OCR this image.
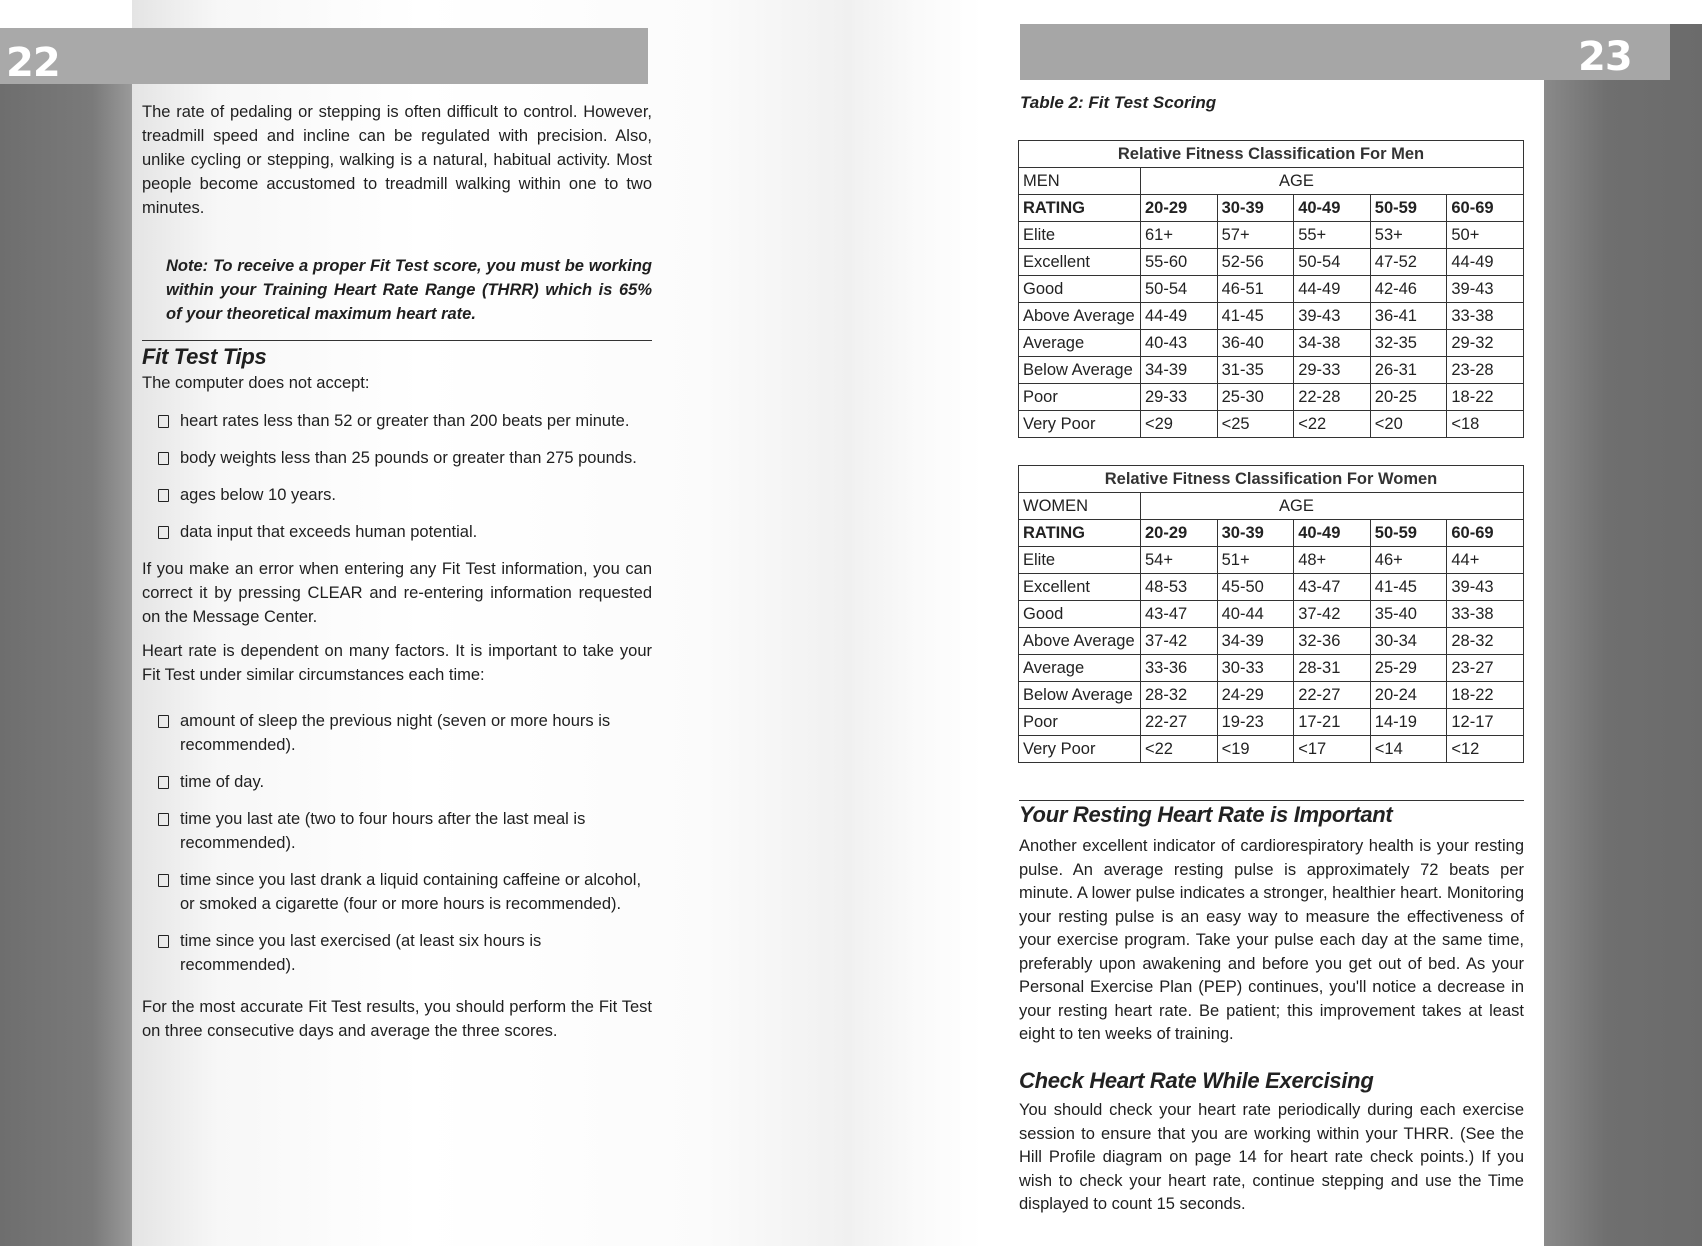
22	23

The rate of pedaling or stepping is often difficult to control. However, treadmill speed and incline can be regulated with precision. Also, unlike cycling or stepping, walking is a natural, habitual activity. Most people become accustomed to treadmill walking within one to two minutes.

Note: To receive a proper Fit Test score, you must be working within your Training Heart Rate Range (THRR) which is 65% of your theoretical maximum heart rate.

Fit Test Tips

The computer does not accept:

heart rates less than 52 or greater than 200 beats per minute.
body weights less than 25 pounds or greater than 275 pounds.
ages below 10 years.
data input that exceeds human potential.

If you make an error when entering any Fit Test information, you can correct it by pressing CLEAR and re-entering information requested on the Message Center.

Heart rate is dependent on many factors. It is important to take your Fit Test under similar circumstances each time:

amount of sleep the previous night (seven or more hours is recommended).
time of day.
time you last ate (two to four hours after the last meal is recommended).
time since you last drank a liquid containing caffeine or alcohol, or smoked a cigarette (four or more hours is recommended).
time since you last exercised (at least six hours is recommended).

For the most accurate Fit Test results, you should perform the Fit Test on three consecutive days and average the three scores.

Table 2: Fit Test Scoring
Relative Fitness Classification For Men					
MEN	AGE				
RATING	20-29	30-39	40-49	50-59	60-69
Elite	61+	57+	55+	53+	50+
Excellent	55-60	52-56	50-54	47-52	44-49
Good	50-54	46-51	44-49	42-46	39-43
Above Average	44-49	41-45	39-43	36-41	33-38
Average	40-43	36-40	34-38	32-35	29-32
Below Average	34-39	31-35	29-33	26-31	23-28
Poor	29-33	25-30	22-28	20-25	18-22
Very Poor	<29	<25	<22	<20	<18
Relative Fitness Classification For Women					
WOMEN	AGE				
RATING	20-29	30-39	40-49	50-59	60-69
Elite	54+	51+	48+	46+	44+
Excellent	48-53	45-50	43-47	41-45	39-43
Good	43-47	40-44	37-42	35-40	33-38
Above Average	37-42	34-39	32-36	30-34	28-32
Average	33-36	30-33	28-31	25-29	23-27
Below Average	28-32	24-29	22-27	20-24	18-22
Poor	22-27	19-23	17-21	14-19	12-17
Very Poor	<22	<19	<17	<14	<12
Your Resting Heart Rate is Important

Another excellent indicator of cardiorespiratory health is your resting pulse. An average resting pulse is approximately 72 beats per minute. A lower pulse indicates a stronger, healthier heart. Monitoring your resting pulse is an easy way to measure the effectiveness of your exercise program. Take your pulse each day at the same time, preferably upon awakening and before you get out of bed. As your Personal Exercise Plan (PEP) continues, you'll notice a decrease in your resting heart rate. Be patient; this improvement takes at least eight to ten weeks of training.

Check Heart Rate While Exercising

You should check your heart rate periodically during each exercise session to ensure that you are working within your THRR. (See the Hill Profile diagram on page 14 for heart rate check points.) If you wish to check your heart rate, continue stepping and use the Time displayed to count 15 seconds.
